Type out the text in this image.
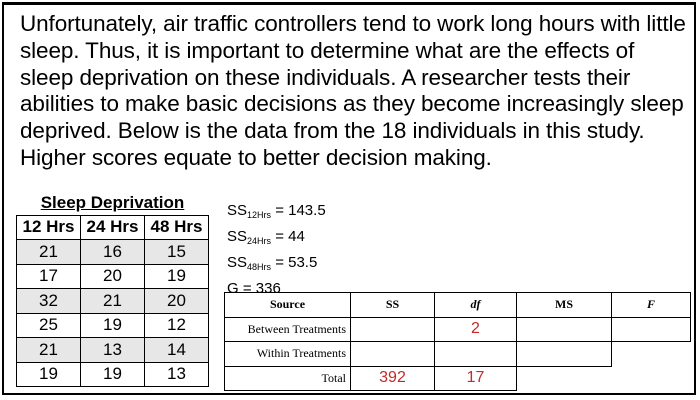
Unfortunately, air traffic controllers tend to work long hours with little sleep. Thus, it is important to determine what are the effects of sleep deprivation on these individuals. A researcher tests their abilities to make basic decisions as they become increasingly sleep deprived. Below is the data from the 18 individuals in this study. Higher scores equate to better decision making.

Sleep Deprivation		
12 Hrs	24 Hrs	48 Hrs
21	16	15
17	20	19
32	21	20
25	19	12
21	13	14
19	19	13
$SS_{12Hrs} = 143.5$
$SS_{24Hrs} = 44$
$SS_{48Hrs} = 53.5$
G = 336
Source	SS	df	MS	F
Between Treatments		2		
Within Treatments				
Total	392	17		
